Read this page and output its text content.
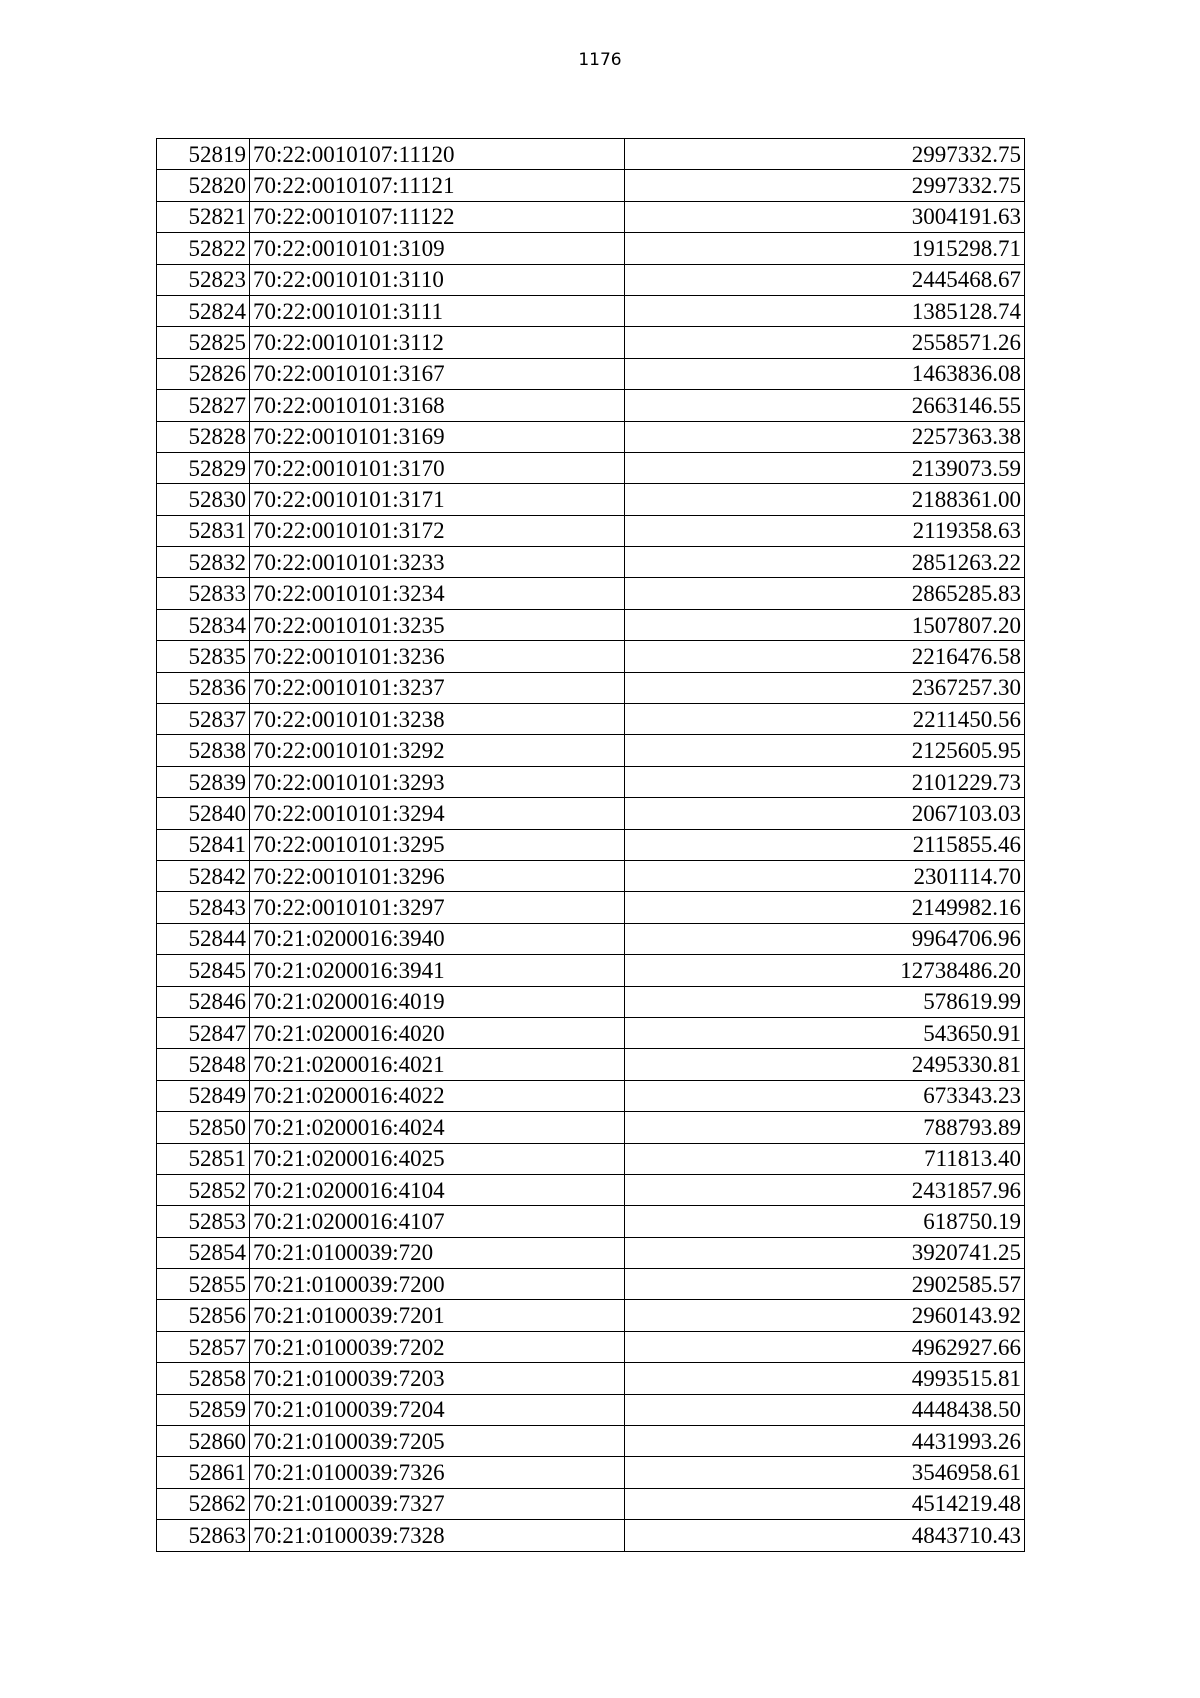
1176
52819	70:22:0010107:11120	2997332.75
52820	70:22:0010107:11121	2997332.75
52821	70:22:0010107:11122	3004191.63
52822	70:22:0010101:3109	1915298.71
52823	70:22:0010101:3110	2445468.67
52824	70:22:0010101:3111	1385128.74
52825	70:22:0010101:3112	2558571.26
52826	70:22:0010101:3167	1463836.08
52827	70:22:0010101:3168	2663146.55
52828	70:22:0010101:3169	2257363.38
52829	70:22:0010101:3170	2139073.59
52830	70:22:0010101:3171	2188361.00
52831	70:22:0010101:3172	2119358.63
52832	70:22:0010101:3233	2851263.22
52833	70:22:0010101:3234	2865285.83
52834	70:22:0010101:3235	1507807.20
52835	70:22:0010101:3236	2216476.58
52836	70:22:0010101:3237	2367257.30
52837	70:22:0010101:3238	2211450.56
52838	70:22:0010101:3292	2125605.95
52839	70:22:0010101:3293	2101229.73
52840	70:22:0010101:3294	2067103.03
52841	70:22:0010101:3295	2115855.46
52842	70:22:0010101:3296	2301114.70
52843	70:22:0010101:3297	2149982.16
52844	70:21:0200016:3940	9964706.96
52845	70:21:0200016:3941	12738486.20
52846	70:21:0200016:4019	578619.99
52847	70:21:0200016:4020	543650.91
52848	70:21:0200016:4021	2495330.81
52849	70:21:0200016:4022	673343.23
52850	70:21:0200016:4024	788793.89
52851	70:21:0200016:4025	711813.40
52852	70:21:0200016:4104	2431857.96
52853	70:21:0200016:4107	618750.19
52854	70:21:0100039:720	3920741.25
52855	70:21:0100039:7200	2902585.57
52856	70:21:0100039:7201	2960143.92
52857	70:21:0100039:7202	4962927.66
52858	70:21:0100039:7203	4993515.81
52859	70:21:0100039:7204	4448438.50
52860	70:21:0100039:7205	4431993.26
52861	70:21:0100039:7326	3546958.61
52862	70:21:0100039:7327	4514219.48
52863	70:21:0100039:7328	4843710.43
